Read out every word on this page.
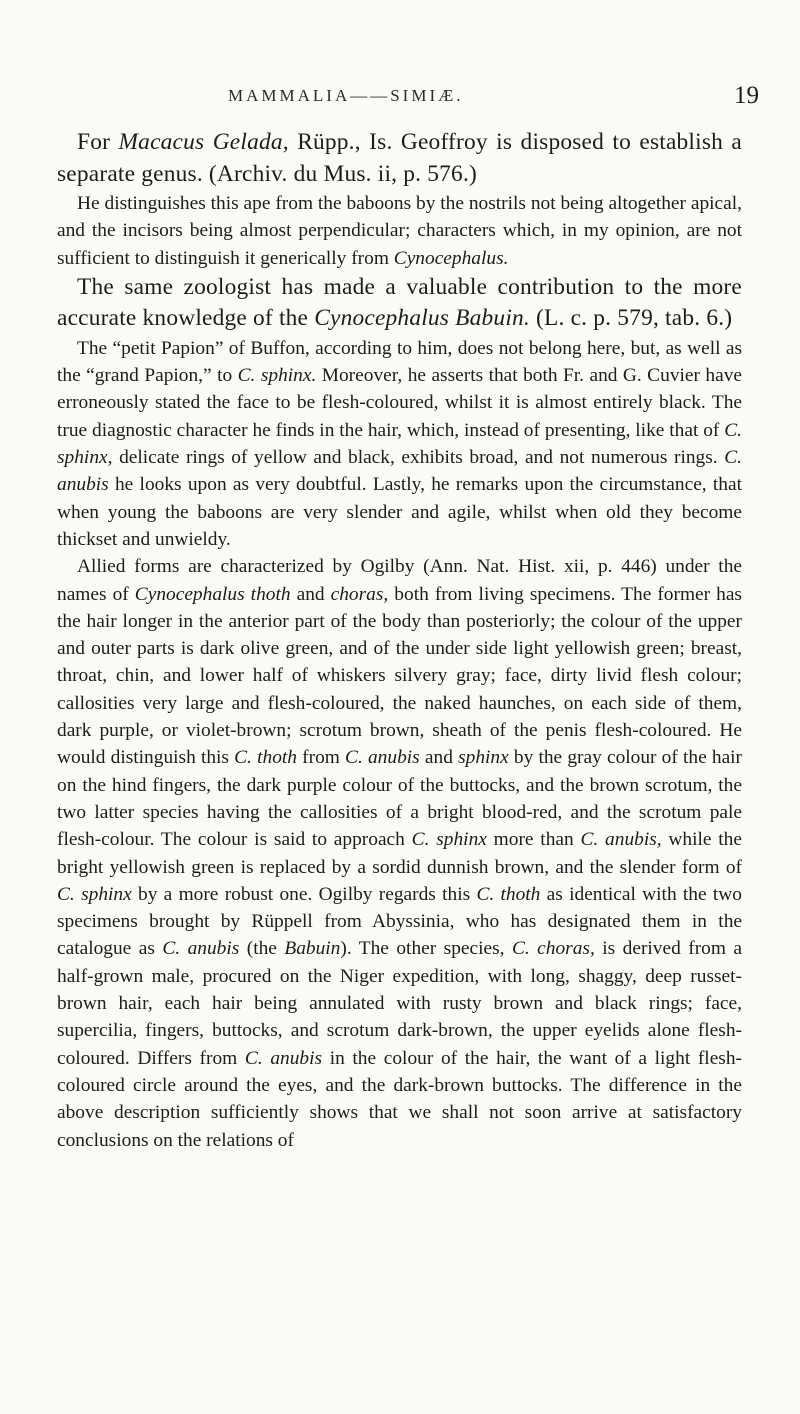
MAMMALIA——SIMIÆ.	19

For Macacus Gelada, Rüpp., Is. Geoffroy is disposed to establish a separate genus. (Archiv. du Mus. ii, p. 576.)

He distinguishes this ape from the baboons by the nostrils not being altogether apical, and the incisors being almost perpendicular; characters which, in my opinion, are not sufficient to distinguish it generically from Cynocephalus.

The same zoologist has made a valuable contribution to the more accurate knowledge of the Cynocephalus Babuin. (L. c. p. 579, tab. 6.)

The “petit Papion” of Buffon, according to him, does not belong here, but, as well as the “grand Papion,” to C. sphinx. Moreover, he asserts that both Fr. and G. Cuvier have erroneously stated the face to be flesh-coloured, whilst it is almost entirely black. The true diagnostic character he finds in the hair, which, instead of presenting, like that of C. sphinx, delicate rings of yellow and black, exhibits broad, and not numerous rings. C. anubis he looks upon as very doubtful. Lastly, he remarks upon the circumstance, that when young the baboons are very slender and agile, whilst when old they become thickset and unwieldy.

Allied forms are characterized by Ogilby (Ann. Nat. Hist. xii, p. 446) under the names of Cynocephalus thoth and choras, both from living specimens. The former has the hair longer in the anterior part of the body than posteriorly; the colour of the upper and outer parts is dark olive green, and of the under side light yellowish green; breast, throat, chin, and lower half of whiskers silvery gray; face, dirty livid flesh colour; callosities very large and flesh-coloured, the naked haunches, on each side of them, dark purple, or violet-brown; scrotum brown, sheath of the penis flesh-coloured. He would distinguish this C. thoth from C. anubis and sphinx by the gray colour of the hair on the hind fingers, the dark purple colour of the buttocks, and the brown scrotum, the two latter species having the callosities of a bright blood-red, and the scrotum pale flesh-colour. The colour is said to approach C. sphinx more than C. anubis, while the bright yellowish green is replaced by a sordid dunnish brown, and the slender form of C. sphinx by a more robust one. Ogilby regards this C. thoth as identical with the two specimens brought by Rüppell from Abyssinia, who has designated them in the catalogue as C. anubis (the Babuin). The other species, C. choras, is derived from a half-grown male, procured on the Niger expedition, with long, shaggy, deep russet-brown hair, each hair being annulated with rusty brown and black rings; face, supercilia, fingers, buttocks, and scrotum dark-brown, the upper eyelids alone flesh-coloured. Differs from C. anubis in the colour of the hair, the want of a light flesh-coloured circle around the eyes, and the dark-brown buttocks. The difference in the above description sufficiently shows that we shall not soon arrive at satisfactory conclusions on the relations of
